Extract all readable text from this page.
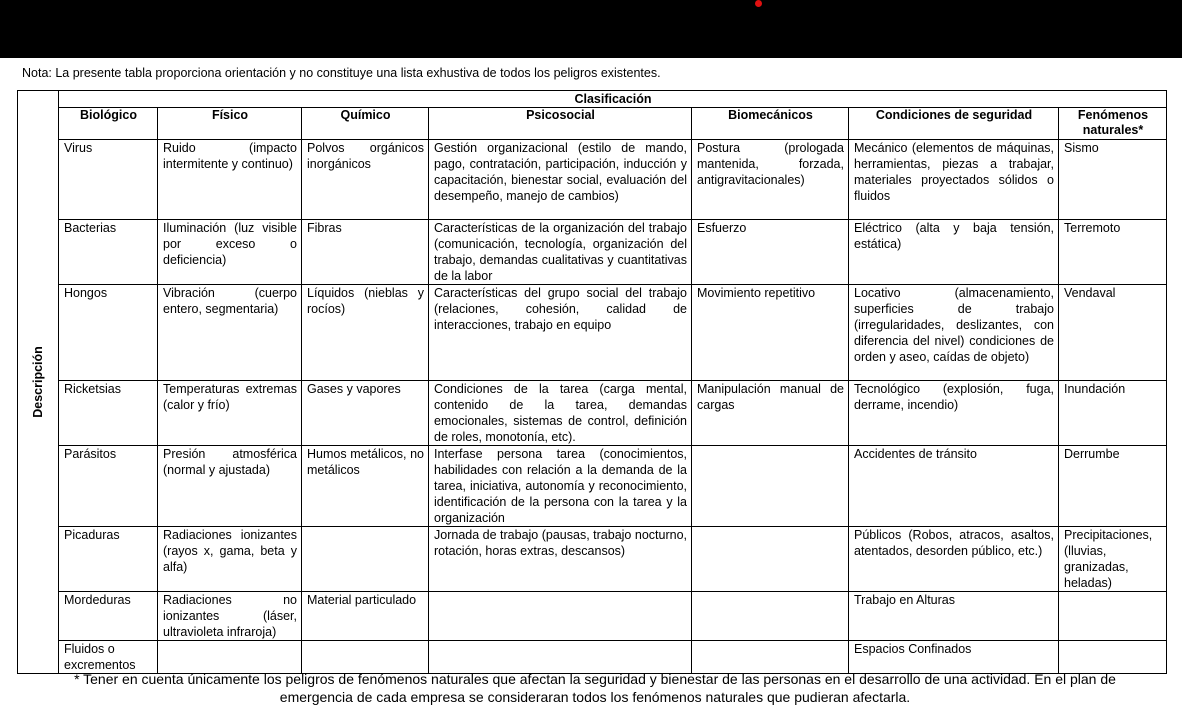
Nota: La presente tabla proporciona orientación y no constituye una lista exhustiva de todos los peligros existentes.
Descripción	Clasificación						
	Biológico	Físico	Químico	Psicosocial	Biomecánicos	Condiciones de seguridad	Fenómenos naturales*
	Virus	Ruido (impacto intermitente y continuo)	Polvos orgánicos inorgánicos	Gestión organizacional (estilo de mando, pago, contratación, participación, inducción y capacitación, bienestar social, evaluación del desempeño, manejo de cambios)	Postura (prologada mantenida, forzada, antigravitacionales)	Mecánico (elementos de máquinas, herramientas, piezas a trabajar, materiales proyectados sólidos o fluidos	Sismo
	Bacterias	Iluminación (luz visible por exceso o deficiencia)	Fibras	Características de la organización del trabajo (comunicación, tecnología, organización del trabajo, demandas cualitativas y cuantitativas de la labor	Esfuerzo	Eléctrico (alta y baja tensión, estática)	Terremoto
	Hongos	Vibración (cuerpo entero, segmentaria)	Líquidos (nieblas y rocíos)	Características del grupo social del trabajo (relaciones, cohesión, calidad de interacciones, trabajo en equipo	Movimiento repetitivo	Locativo (almacenamiento, superficies de trabajo (irregularidades, deslizantes, con diferencia del nivel) condiciones de orden y aseo, caídas de objeto)	Vendaval
	Ricketsias	Temperaturas extremas (calor y frío)	Gases y vapores	Condiciones de la tarea (carga mental, contenido de la tarea, demandas emocionales, sistemas de control, definición de roles, monotonía, etc).	Manipulación manual de cargas	Tecnológico (explosión, fuga, derrame, incendio)	Inundación
	Parásitos	Presión atmosférica (normal y ajustada)	Humos metálicos, no metálicos	Interfase persona tarea (conocimientos, habilidades con relación a la demanda de la tarea, iniciativa, autonomía y reconocimiento, identificación de la persona con la tarea y la organización		Accidentes de tránsito	Derrumbe
	Picaduras	Radiaciones ionizantes (rayos x, gama, beta y alfa)		Jornada de trabajo (pausas, trabajo nocturno, rotación, horas extras, descansos)		Públicos (Robos, atracos, asaltos, atentados, desorden público, etc.)	Precipitaciones, (lluvias, granizadas, heladas)
	Mordeduras	Radiaciones no ionizantes (láser, ultravioleta infraroja)	Material particulado			Trabajo en Alturas	
	Fluidos o excrementos					Espacios Confinados	
* Tener en cuenta únicamente los peligros de fenómenos naturales que afectan la seguridad y bienestar de las personas en el desarrollo de una actividad. En el plan de emergencia de cada empresa se consideraran todos los fenómenos naturales que pudieran afectarla.
